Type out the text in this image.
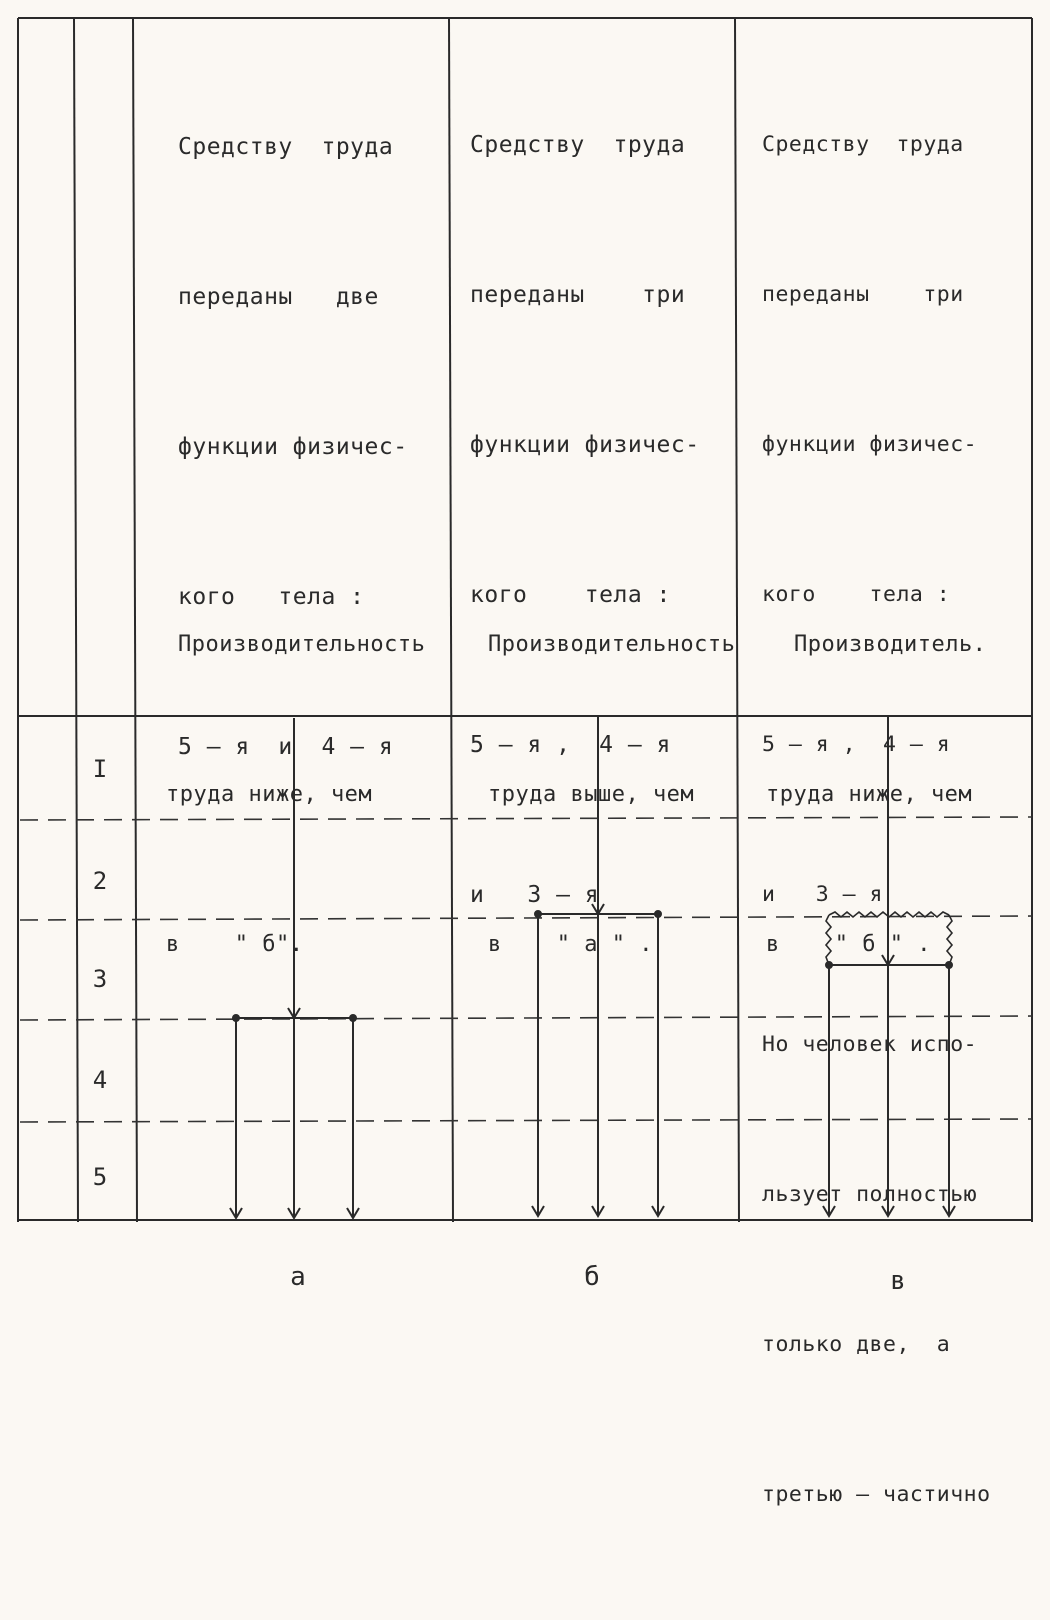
Средству  труда

переданы   две

функции физичес-

кого   тела :

5 – я  и  4 – я

Средству  труда

переданы    три

функции физичес-

кого    тела :

5 – я ,  4 – я

и   3 – я

Средству  труда

переданы    три

функции физичес-

кого    тела :

5 – я ,  4 – я

и   3 – я

Но человек испо-

льзует полностью

только две,  а

третью – частично

Производительность

труда ниже, чем

в    " б".

Производительность

труда выше, чем

в    " а " .

Производитель.

труда ниже, чем

в    " б " .

I
2
3
4
5
а	б	в
